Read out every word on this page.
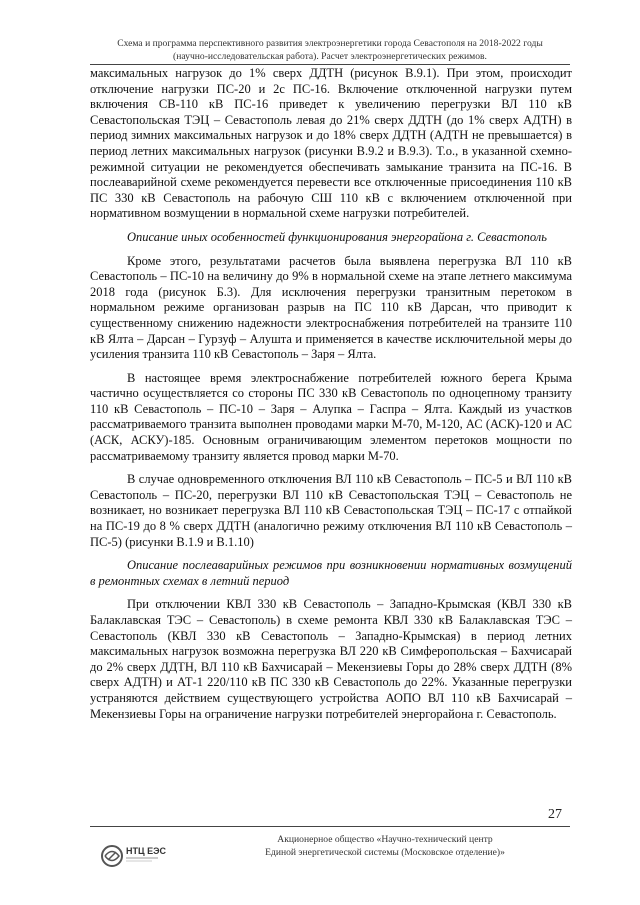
Схема и программа перспективного развития электроэнергетики города Севастополя на 2018-2022 годы
(научно-исследовательская работа). Расчет электроэнергетических режимов.

максимальных нагрузок до 1% сверх ДДТН (рисунок В.9.1). При этом, происходит отключение нагрузки ПС-20 и 2с ПС-16. Включение отключенной нагрузки путем включения СВ-110 кВ ПС-16 приведет к увеличению перегрузки ВЛ 110 кВ Севастопольская ТЭЦ – Севастополь левая до 21% сверх ДДТН (до 1% сверх АДТН) в период зимних максимальных нагрузок и до 18% сверх ДДТН (АДТН не превышается) в период летних максимальных нагрузок (рисунки В.9.2 и В.9.3). Т.о., в указанной схемно-режимной ситуации не рекомендуется обеспечивать замыкание транзита на ПС-16. В послеаварийной схеме рекомендуется перевести все отключенные присоединения 110 кВ ПС 330 кВ Севастополь на рабочую СШ 110 кВ с включением отключенной при нормативном возмущении в нормальной схеме нагрузки потребителей.

Описание иных особенностей функционирования энергорайона г. Севастополь

Кроме этого, результатами расчетов была выявлена перегрузка ВЛ 110 кВ Севастополь – ПС-10 на величину до 9% в нормальной схеме на этапе летнего максимума 2018 года (рисунок Б.3). Для исключения перегрузки транзитным перетоком в нормальном режиме организован разрыв на ПС 110 кВ Дарсан, что приводит к существенному снижению надежности электроснабжения потребителей на транзите 110 кВ Ялта – Дарсан – Гурзуф – Алушта и применяется в качестве исключительной меры до усиления транзита 110 кВ Севастополь – Заря – Ялта.

В настоящее время электроснабжение потребителей южного берега Крыма частично осуществляется со стороны ПС 330 кВ Севастополь по одноцепному транзиту 110 кВ Севастополь – ПС-10 – Заря – Алупка – Гаспра – Ялта. Каждый из участков рассматриваемого транзита выполнен проводами марки М-70, М-120, АС (АСК)-120 и АС (АСК, АСКУ)-185. Основным ограничивающим элементом перетоков мощности по рассматриваемому транзиту является провод марки М-70.

В случае одновременного отключения ВЛ 110 кВ Севастополь – ПС-5 и ВЛ 110 кВ Севастополь – ПС-20, перегрузки ВЛ 110 кВ Севастопольская ТЭЦ – Севастополь не возникает, но возникает перегрузка ВЛ 110 кВ Севастопольская ТЭЦ – ПС-17 с отпайкой на ПС-19 до 8 % сверх ДДТН (аналогично режиму отключения ВЛ 110 кВ Севастополь – ПС-5) (рисунки В.1.9 и В.1.10)

Описание послеаварийных режимов при возникновении нормативных возмущений в ремонтных схемах в летний период

При отключении КВЛ 330 кВ Севастополь – Западно-Крымская (КВЛ 330 кВ Балаклавская ТЭС – Севастополь) в схеме ремонта КВЛ 330 кВ Балаклавская ТЭС – Севастополь (КВЛ 330 кВ Севастополь – Западно-Крымская) в период летних максимальных нагрузок возможна перегрузка ВЛ 220 кВ Симферопольская – Бахчисарай до 2% сверх ДДТН, ВЛ 110 кВ Бахчисарай – Мекензиевы Горы до 28% сверх ДДТН (8% сверх АДТН) и АТ-1 220/110 кВ ПС 330 кВ Севастополь до 22%. Указанные перегрузки устраняются действием существующего устройства АОПО ВЛ 110 кВ Бахчисарай – Мекензиевы Горы на ограничение нагрузки потребителей энергорайона г. Севастополь.

27
НТЦ ЕЭС
Акционерное общество «Научно-технический центр
Единой энергетической системы (Московское отделение)»
